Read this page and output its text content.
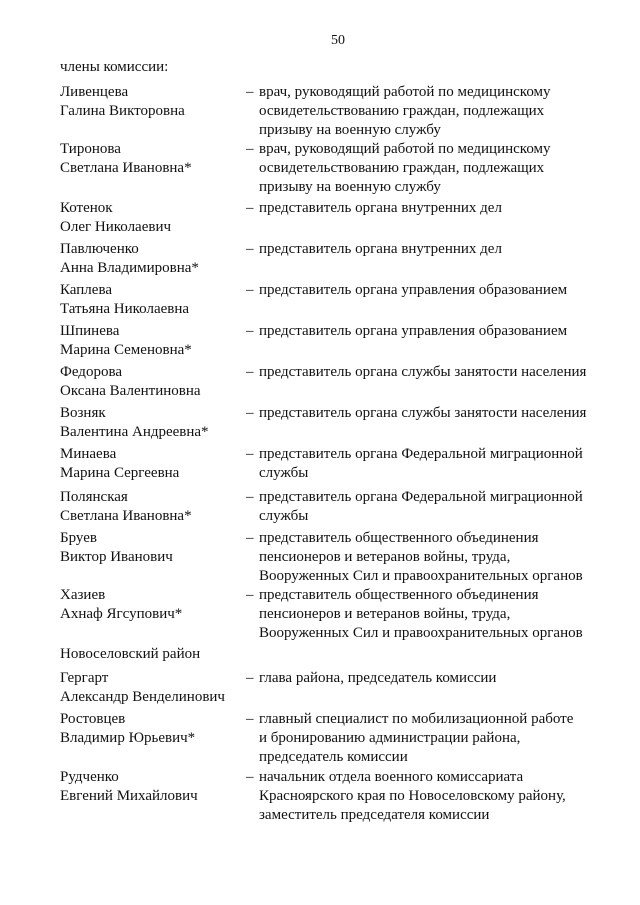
50
члены комиссии:
Ливенцева
Галина Викторовна
– врач, руководящий работой по медицинскому
освидетельствованию граждан, подлежащих
призыву на военную службу
Тиронова
Светлана Ивановна*
– врач, руководящий работой по медицинскому
освидетельствованию граждан, подлежащих
призыву на военную службу
Котенок
Олег Николаевич
– представитель органа внутренних дел
Павлюченко
Анна Владимировна*
– представитель органа внутренних дел
Каплева
Татьяна Николаевна
– представитель органа управления образованием
Шпинева
Марина Семеновна*
– представитель органа управления образованием
Федорова
Оксана Валентиновна
– представитель органа службы занятости населения
Возняк
Валентина Андреевна*
– представитель органа службы занятости населения
Минаева
Марина Сергеевна
– представитель органа Федеральной миграционной
службы
Полянская
Светлана Ивановна*
– представитель органа Федеральной миграционной
службы
Бруев
Виктор Иванович
– представитель общественного объединения
пенсионеров и ветеранов войны, труда,
Вооруженных Сил и правоохранительных органов
Хазиев
Ахнаф Ягсупович*
– представитель общественного объединения
пенсионеров и ветеранов войны, труда,
Вооруженных Сил и правоохранительных органов
Новоселовский район
Гергарт
Александр Венделинович
– глава района, председатель комиссии
Ростовцев
Владимир Юрьевич*
– главный специалист по мобилизационной работе
и бронированию администрации района,
председатель комиссии
Рудченко
Евгений Михайлович
– начальник отдела военного комиссариата
Красноярского края по Новоселовскому району,
заместитель председателя комиссии
